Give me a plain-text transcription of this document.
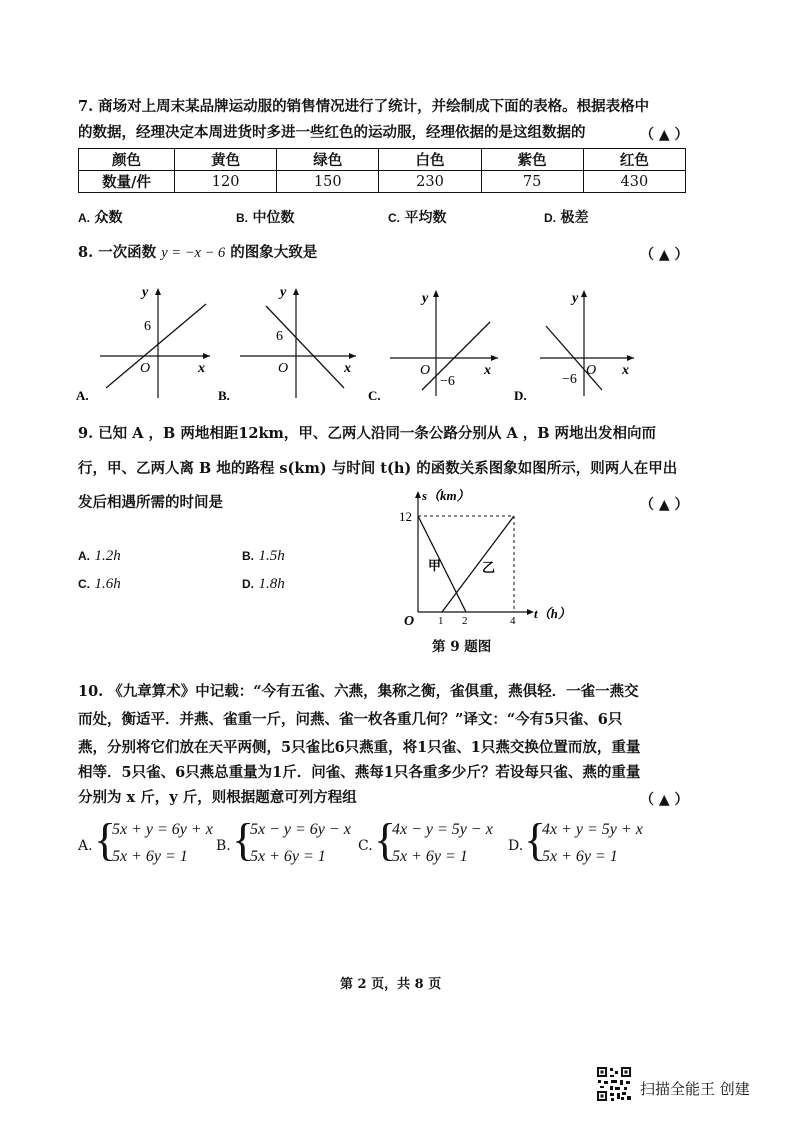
7. 商场对上周末某品牌运动服的销售情况进行了统计，并绘制成下面的表格。根据表格中
的数据，经理决定本周进货时多进一些红色的运动服，经理依据的是这组数据的	（ ▲ ）
颜色	黄色	绿色	白色	紫色	红色
数量/件	120	150	230	75	430
A. 众数	B. 中位数	C. 平均数	D. 极差
8. 一次函数 y = −x − 6 的图象大致是	（ ▲ ）
y
x
O
6
A.
y
x
O
6
B.
y
x
O
−6
C.
y
x
O
−6
D.
9. 已知 A ，B 两地相距12km，甲、乙两人沿同一条公路分别从 A ，B 两地出发相向而
行，甲、乙两人离 B 地的路程 s(km) 与时间 t(h) 的函数关系图象如图所示，则两人在甲出
发后相遇所需的时间是	（ ▲ ）
A. 1.2h	B. 1.5h
C. 1.6h	D. 1.8h
s（km）
t（h）
12
1 2	4
O
甲	乙
第 9 题图
10. 《九章算术》中记载：“今有五雀、六燕，集称之衡，雀俱重，燕俱轻．一雀一燕交
而处，衡适平．并燕、雀重一斤，问燕、雀一枚各重几何？”译文：“今有5只雀、6只
燕，分别将它们放在天平两侧，5只雀比6只燕重，将1只雀、1只燕交换位置而放，重量
相等．5只雀、6只燕总重量为1斤．问雀、燕每1只各重多少斤？若设每只雀、燕的重量
分别为 x 斤，y 斤，则根据题意可列方程组	（ ▲ ）
A. {
5x + y = 6y + x
5x + 6y = 1
B. {
5x − y = 6y − x
5x + 6y = 1
C. {
4x − y = 5y − x
5x + 6y = 1
D. {
4x + y = 5y + x
5x + 6y = 1
第 2 页，共 8 页
扫描全能王 创建
